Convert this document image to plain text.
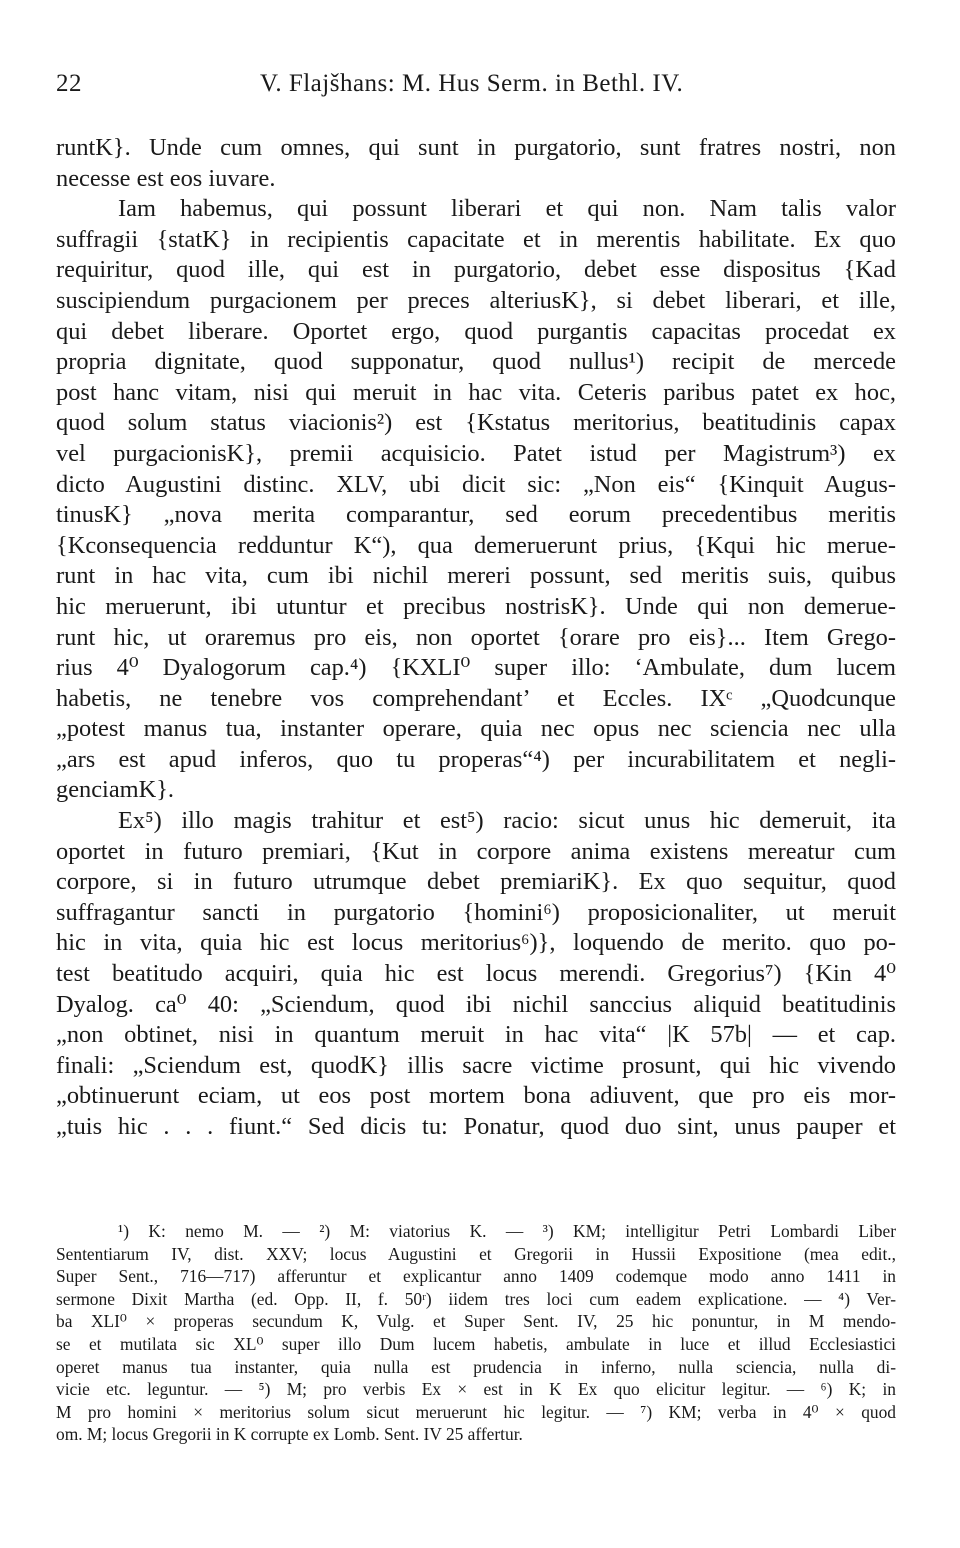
22	V. Flajšhans: M. Hus Serm. in Bethl. IV.
runtK}. Unde cum omnes, qui sunt in purgatorio, sunt fratres nostri, non
necesse est eos iuvare.
Iam habemus, qui possunt liberari et qui non. Nam talis valor
suffragii {statK} in recipientis capacitate et in merentis habilitate. Ex quo
requiritur, quod ille, qui est in purgatorio, debet esse dispositus {Kad
suscipiendum purgacionem per preces alteriusK}, si debet liberari, et ille,
qui debet liberare. Oportet ergo, quod purgantis capacitas procedat ex
propria dignitate, quod supponatur, quod nullus¹) recipit de mercede
post hanc vitam, nisi qui meruit in hac vita. Ceteris paribus patet ex hoc,
quod solum status viacionis²) est {Kstatus meritorius, beatitudinis capax
vel purgacionisK}, premii acquisicio. Patet istud per Magistrum³) ex
dicto Augustini distinc. XLV, ubi dicit sic: „Non eis“ {Kinquit Augus-
tinusK} „nova merita comparantur, sed eorum precedentibus meritis
{Kconsequencia redduntur K“), qua demeruerunt prius, {Kqui hic merue-
runt in hac vita, cum ibi nichil mereri possunt, sed meritis suis, quibus
hic meruerunt, ibi utuntur et precibus nostrisK}. Unde qui non demerue-
runt hic, ut oraremus pro eis, non oportet {orare pro eis}... Item Grego-
rius 4⁰ Dyalogorum cap.⁴) {KXLI⁰ super illo: ‘Ambulate, dum lucem
habetis, ne tenebre vos comprehendant’ et Eccles. IXᶜ „Quodcunque
„potest manus tua, instanter operare, quia nec opus nec sciencia nec ulla
„ars est apud inferos, quo tu properas“⁴) per incurabilitatem et negli-
genciamK}.
Ex⁵) illo magis trahitur et est⁵) racio: sicut unus hic demeruit, ita
oportet in futuro premiari, {Kut in corpore anima existens mereatur cum
corpore, si in futuro utrumque debet premiariK}. Ex quo sequitur, quod
suffragantur sancti in purgatorio {homini⁶) proposicionaliter, ut meruit
hic in vita, quia hic est locus meritorius⁶)}, loquendo de merito. quo po-
test beatitudo acquiri, quia hic est locus merendi. Gregorius⁷) {Kin 4⁰
Dyalog. ca⁰ 40: „Sciendum, quod ibi nichil sanccius aliquid beatitudinis
„non obtinet, nisi in quantum meruit in hac vita“ |K 57b| — et cap.
finali: „Sciendum est, quodK} illis sacre victime prosunt, qui hic vivendo
„obtinuerunt eciam, ut eos post mortem bona adiuvent, que pro eis mor-
„tuis hic . . . fiunt.“ Sed dicis tu: Ponatur, quod duo sint, unus pauper et
¹) K: nemo M. — ²) M: viatorius K. — ³) KM; intelligitur Petri Lombardi Liber
Sententiarum IV, dist. XXV; locus Augustini et Gregorii in Hussii Expositione (mea edit.,
Super Sent., 716—717) afferuntur et explicantur anno 1409 codemque modo anno 1411 in
sermone Dixit Martha (ed. Opp. II, f. 50ʳ) iidem tres loci cum eadem explicatione. — ⁴) Ver-
ba XLI⁰ × properas secundum K, Vulg. et Super Sent. IV, 25 hic ponuntur, in M mendo-
se et mutilata sic XL⁰ super illo Dum lucem habetis, ambulate in luce et illud Ecclesiastici
operet manus tua instanter, quia nulla est prudencia in inferno, nulla sciencia, nulla di-
vicie etc. leguntur. — ⁵) M; pro verbis Ex × est in K Ex quo elicitur legitur. — ⁶) K; in
M pro homini × meritorius solum sicut meruerunt hic legitur. — ⁷) KM; verba in 4⁰ × quod
om. M; locus Gregorii in K corrupte ex Lomb. Sent. IV 25 affertur.
